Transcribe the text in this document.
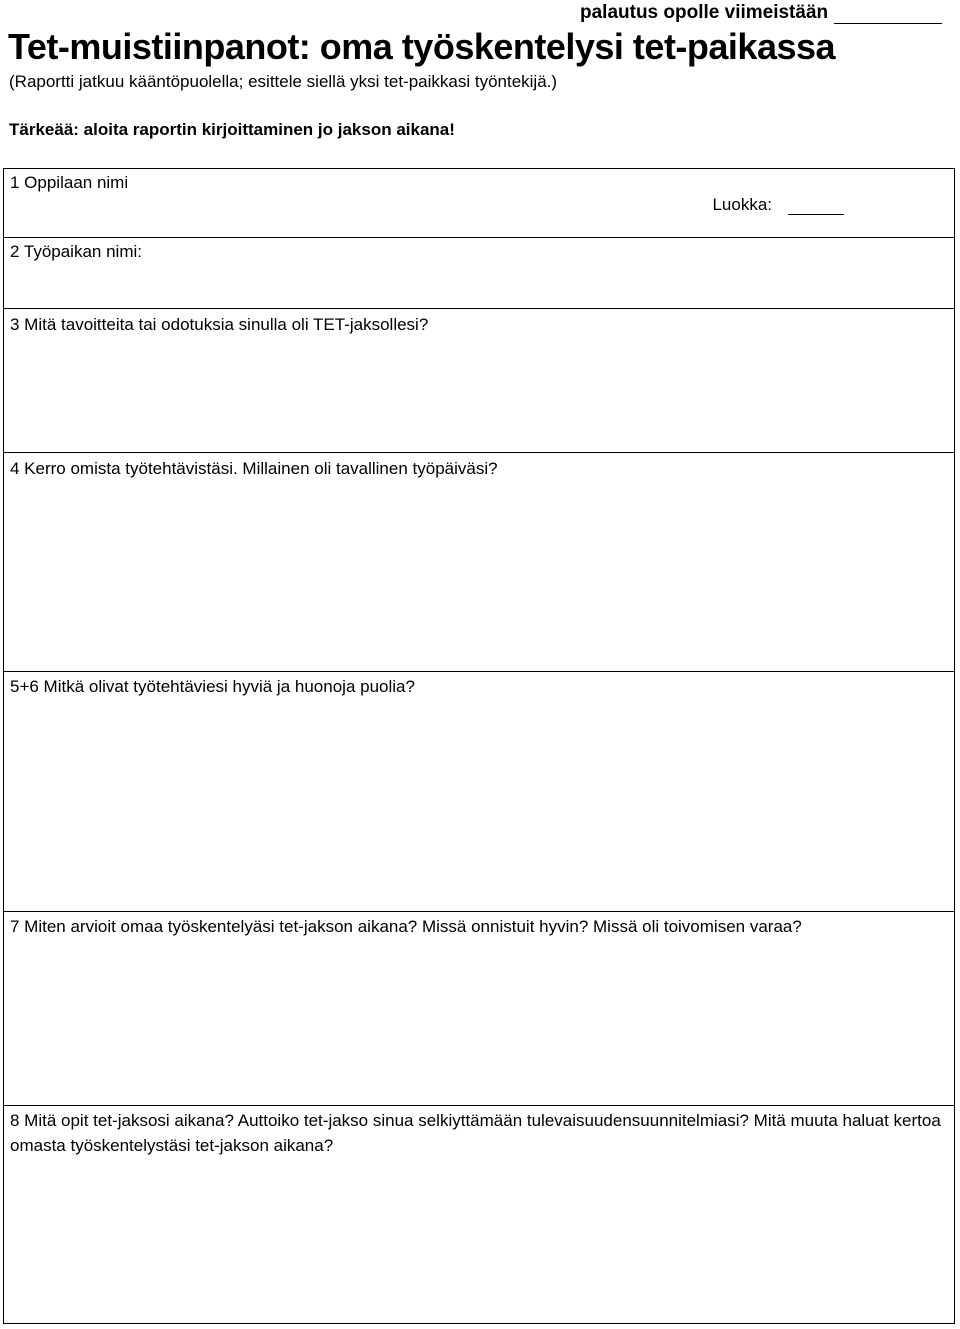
palautus opolle viimeistään
Tet-muistiinpanot: oma työskentelysi tet-paikassa
(Raportti jatkuu kääntöpuolella; esittele siellä yksi tet-paikkasi työntekijä.)
Tärkeää: aloita raportin kirjoittaminen jo jakson aikana!
1 Oppilaan nimi
Luokka:
2 Työpaikan nimi:
3 Mitä tavoitteita tai odotuksia sinulla oli TET-jaksollesi?
4 Kerro omista työtehtävistäsi. Millainen oli tavallinen työpäiväsi?
5+6 Mitkä olivat työtehtäviesi hyviä ja huonoja puolia?
7 Miten arvioit omaa työskentelyäsi tet-jakson aikana? Missä onnistuit hyvin? Missä oli toivomisen varaa?
8 Mitä opit tet-jaksosi aikana? Auttoiko tet-jakso sinua selkiyttämään tulevaisuudensuunnitelmiasi? Mitä muuta haluat kertoa omasta työskentelystäsi tet-jakson aikana?
